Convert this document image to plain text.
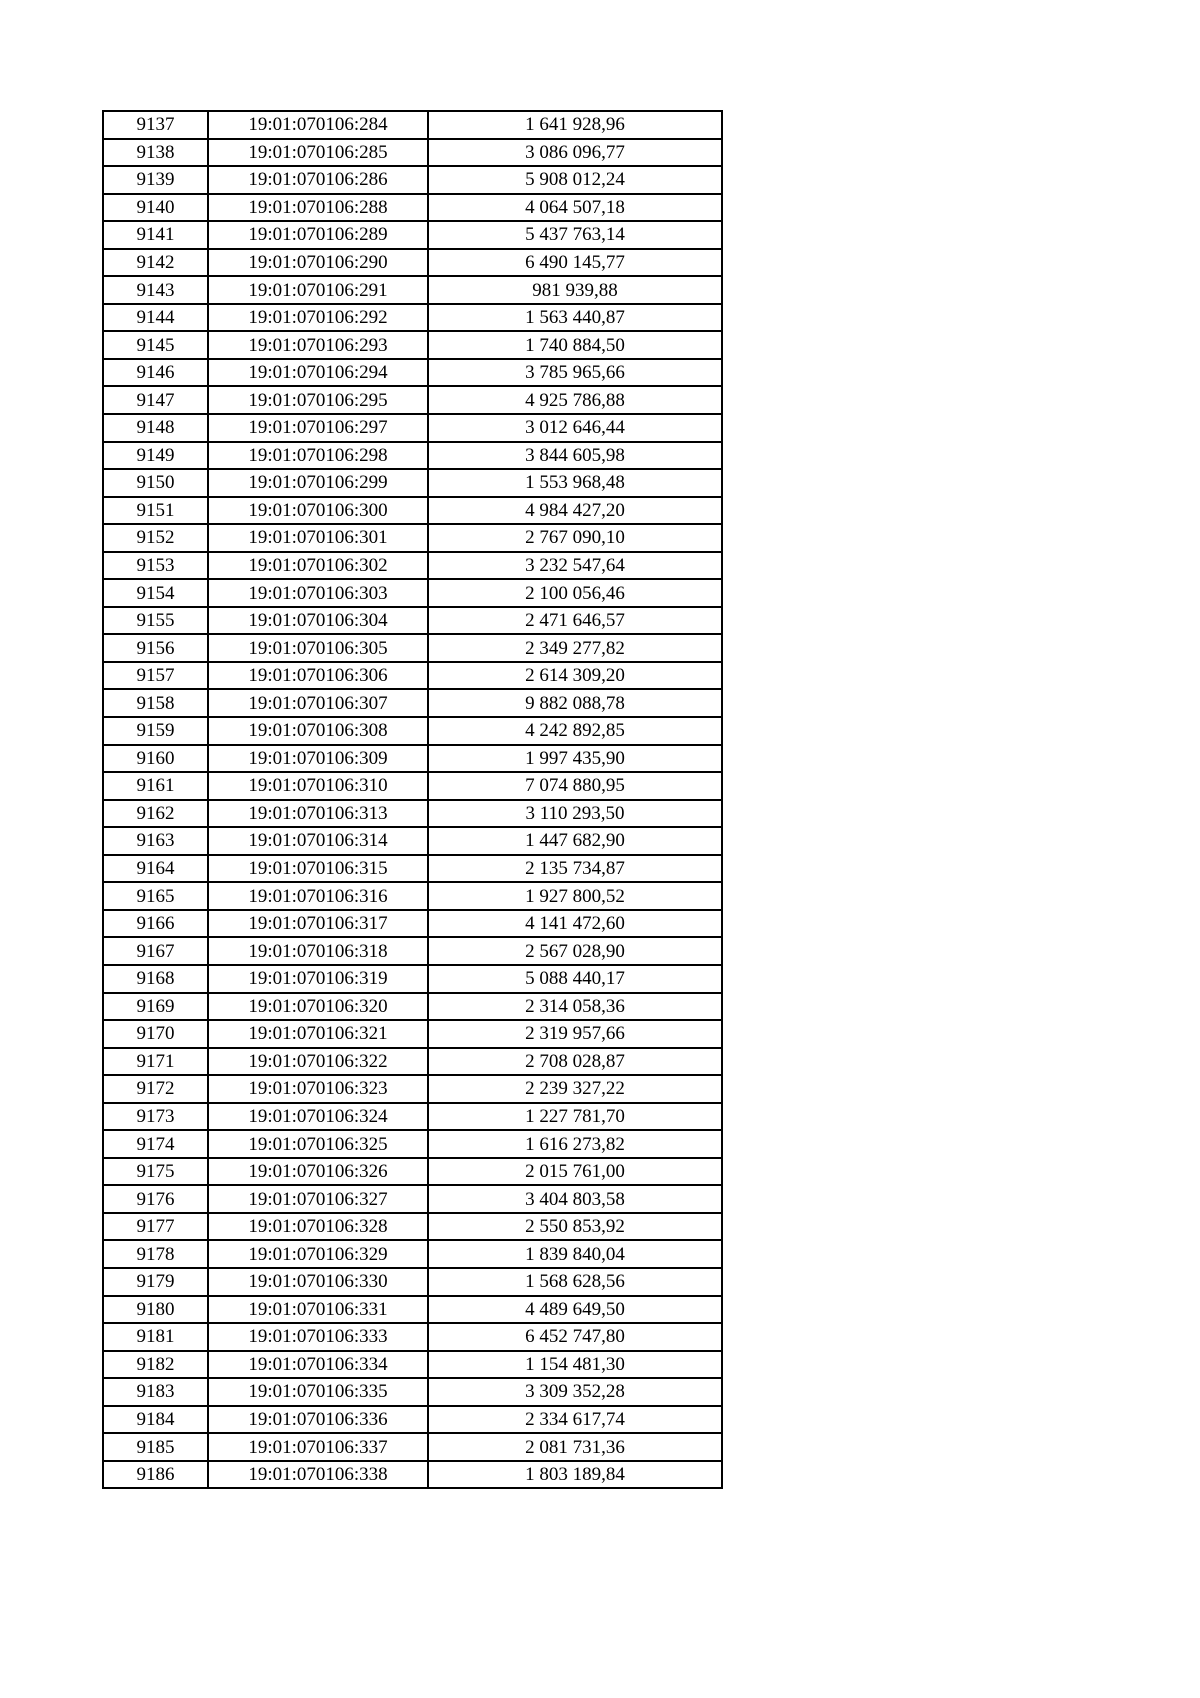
9137	19:01:070106:284	1 641 928,96
9138	19:01:070106:285	3 086 096,77
9139	19:01:070106:286	5 908 012,24
9140	19:01:070106:288	4 064 507,18
9141	19:01:070106:289	5 437 763,14
9142	19:01:070106:290	6 490 145,77
9143	19:01:070106:291	981 939,88
9144	19:01:070106:292	1 563 440,87
9145	19:01:070106:293	1 740 884,50
9146	19:01:070106:294	3 785 965,66
9147	19:01:070106:295	4 925 786,88
9148	19:01:070106:297	3 012 646,44
9149	19:01:070106:298	3 844 605,98
9150	19:01:070106:299	1 553 968,48
9151	19:01:070106:300	4 984 427,20
9152	19:01:070106:301	2 767 090,10
9153	19:01:070106:302	3 232 547,64
9154	19:01:070106:303	2 100 056,46
9155	19:01:070106:304	2 471 646,57
9156	19:01:070106:305	2 349 277,82
9157	19:01:070106:306	2 614 309,20
9158	19:01:070106:307	9 882 088,78
9159	19:01:070106:308	4 242 892,85
9160	19:01:070106:309	1 997 435,90
9161	19:01:070106:310	7 074 880,95
9162	19:01:070106:313	3 110 293,50
9163	19:01:070106:314	1 447 682,90
9164	19:01:070106:315	2 135 734,87
9165	19:01:070106:316	1 927 800,52
9166	19:01:070106:317	4 141 472,60
9167	19:01:070106:318	2 567 028,90
9168	19:01:070106:319	5 088 440,17
9169	19:01:070106:320	2 314 058,36
9170	19:01:070106:321	2 319 957,66
9171	19:01:070106:322	2 708 028,87
9172	19:01:070106:323	2 239 327,22
9173	19:01:070106:324	1 227 781,70
9174	19:01:070106:325	1 616 273,82
9175	19:01:070106:326	2 015 761,00
9176	19:01:070106:327	3 404 803,58
9177	19:01:070106:328	2 550 853,92
9178	19:01:070106:329	1 839 840,04
9179	19:01:070106:330	1 568 628,56
9180	19:01:070106:331	4 489 649,50
9181	19:01:070106:333	6 452 747,80
9182	19:01:070106:334	1 154 481,30
9183	19:01:070106:335	3 309 352,28
9184	19:01:070106:336	2 334 617,74
9185	19:01:070106:337	2 081 731,36
9186	19:01:070106:338	1 803 189,84
